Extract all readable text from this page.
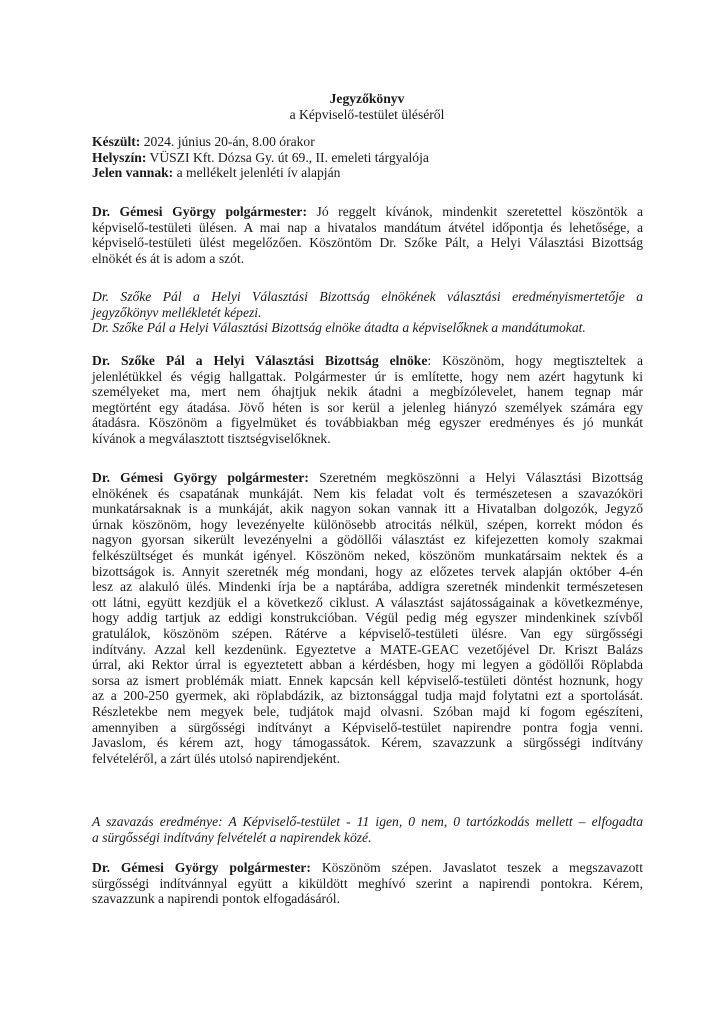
Jegyzőkönyv
a Képviselő-testület üléséről
Készült: 2024. június 20-án, 8.00 órakor
Helyszín: VÜSZI Kft. Dózsa Gy. út 69., II. emeleti tárgyalója
Jelen vannak: a mellékelt jelenléti ív alapján
Dr. Gémesi György polgármester: Jó reggelt kívánok, mindenkit szeretettel köszöntök a
képviselő-testületi ülésen. A mai nap a hivatalos mandátum átvétel időpontja és lehetősége, a
képviselő-testületi ülést megelőzően. Köszöntöm Dr. Szőke Pált, a Helyi Választási Bizottság
elnökét és át is adom a szót.
Dr. Szőke Pál a Helyi Választási Bizottság elnökének választási eredményismertetője a
jegyzőkönyv mellékletét képezi.
Dr. Szőke Pál a Helyi Választási Bizottság elnöke átadta a képviselőknek a mandátumokat.
Dr. Szőke Pál a Helyi Választási Bizottság elnöke: Köszönöm, hogy megtiszteltek a
jelenlétükkel és végig hallgattak. Polgármester úr is említette, hogy nem azért hagytunk ki
személyeket ma, mert nem óhajtjuk nekik átadni a megbízólevelet, hanem tegnap már
megtörtént egy átadása. Jövő héten is sor kerül a jelenleg hiányzó személyek számára egy
átadásra. Köszönöm a figyelmüket és továbbiakban még egyszer eredményes és jó munkát
kívánok a megválasztott tisztségviselőknek.
Dr. Gémesi György polgármester: Szeretném megköszönni a Helyi Választási Bizottság
elnökének és csapatának munkáját. Nem kis feladat volt és természetesen a szavazóköri
munkatársaknak is a munkáját, akik nagyon sokan vannak itt a Hivatalban dolgozók, Jegyző
úrnak köszönöm, hogy levezényelte különösebb atrocitás nélkül, szépen, korrekt módon és
nagyon gyorsan sikerült levezényelni a gödöllői választást ez kifejezetten komoly szakmai
felkészültséget és munkát igényel. Köszönöm neked, köszönöm munkatársaim nektek és a
bizottságok is. Annyit szeretnék még mondani, hogy az előzetes tervek alapján október 4-én
lesz az alakuló ülés. Mindenki írja be a naptárába, addigra szeretnék mindenkit természetesen
ott látni, együtt kezdjük el a következő ciklust. A választást sajátosságainak a következménye,
hogy addig tartjuk az eddigi konstrukcióban. Végül pedig még egyszer mindenkinek szívből
gratulálok, köszönöm szépen. Rátérve a képviselő-testületi ülésre. Van egy sürgősségi
indítvány. Azzal kell kezdenünk. Egyeztetve a MATE-GEAC vezetőjével Dr. Kriszt Balázs
úrral, aki Rektor úrral is egyeztetett abban a kérdésben, hogy mi legyen a gödöllői Röplabda
sorsa az ismert problémák miatt. Ennek kapcsán kell képviselő-testületi döntést hoznunk, hogy
az a 200-250 gyermek, aki röplabdázik, az biztonsággal tudja majd folytatni ezt a sportolását.
Részletekbe nem megyek bele, tudjátok majd olvasni. Szóban majd ki fogom egészíteni,
amennyiben a sürgősségi indítványt a Képviselő-testület napirendre pontra fogja venni.
Javaslom, és kérem azt, hogy támogassátok. Kérem, szavazzunk a sürgősségi indítvány
felvételéről, a zárt ülés utolsó napirendjeként.
A szavazás eredménye: A Képviselő-testület - 11 igen, 0 nem, 0 tartózkodás mellett – elfogadta
a sürgősségi indítvány felvételét a napirendek közé.
Dr. Gémesi György polgármester: Köszönöm szépen. Javaslatot teszek a megszavazott
sürgősségi indítvánnyal együtt a kiküldött meghívó szerint a napirendi pontokra. Kérem,
szavazzunk a napirendi pontok elfogadásáról.
